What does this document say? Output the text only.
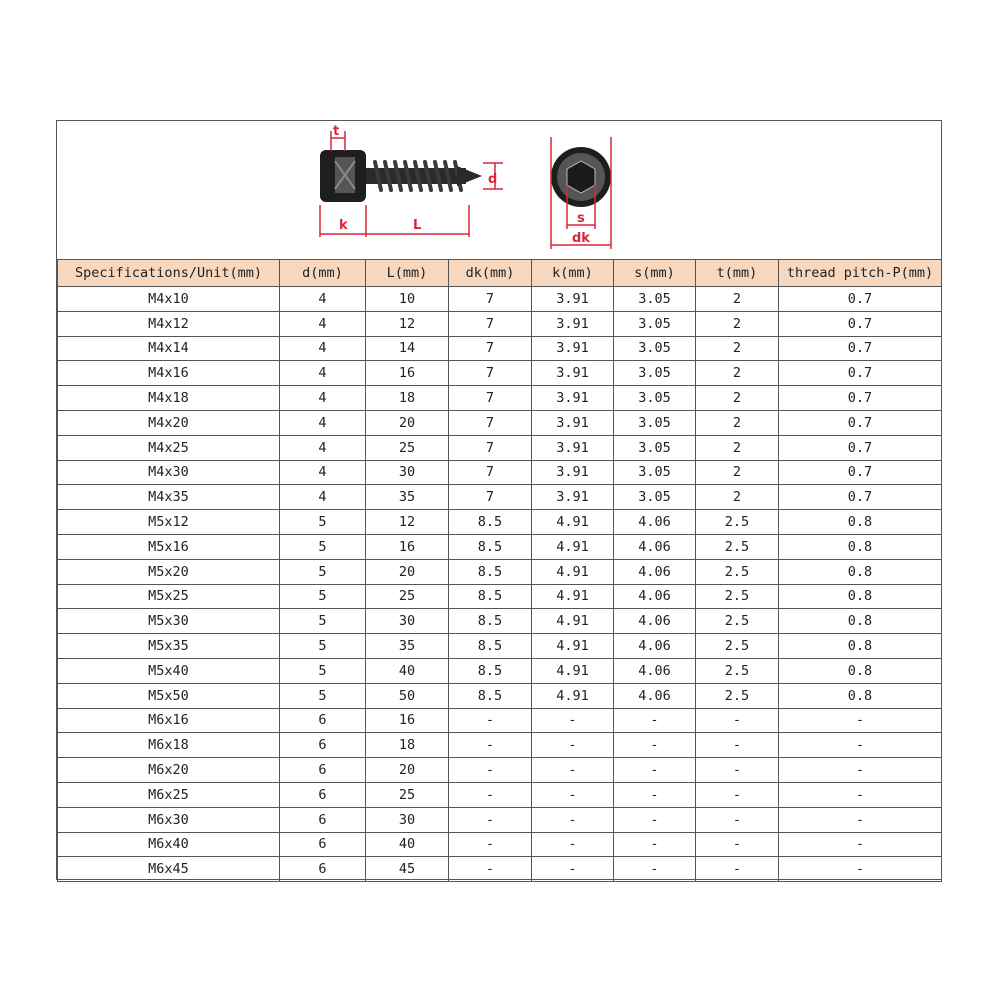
t
d
k	L	s
dk
Specifications/Unit(mm)	d(mm)	L(mm)	dk(mm)	k(mm)	s(mm)	t(mm)	thread pitch-P(mm)
M4x10	4	10	7	3.91	3.05	2	0.7
M4x12	4	12	7	3.91	3.05	2	0.7
M4x14	4	14	7	3.91	3.05	2	0.7
M4x16	4	16	7	3.91	3.05	2	0.7
M4x18	4	18	7	3.91	3.05	2	0.7
M4x20	4	20	7	3.91	3.05	2	0.7
M4x25	4	25	7	3.91	3.05	2	0.7
M4x30	4	30	7	3.91	3.05	2	0.7
M4x35	4	35	7	3.91	3.05	2	0.7
M5x12	5	12	8.5	4.91	4.06	2.5	0.8
M5x16	5	16	8.5	4.91	4.06	2.5	0.8
M5x20	5	20	8.5	4.91	4.06	2.5	0.8
M5x25	5	25	8.5	4.91	4.06	2.5	0.8
M5x30	5	30	8.5	4.91	4.06	2.5	0.8
M5x35	5	35	8.5	4.91	4.06	2.5	0.8
M5x40	5	40	8.5	4.91	4.06	2.5	0.8
M5x50	5	50	8.5	4.91	4.06	2.5	0.8
M6x16	6	16	-	-	-	-	-
M6x18	6	18	-	-	-	-	-
M6x20	6	20	-	-	-	-	-
M6x25	6	25	-	-	-	-	-
M6x30	6	30	-	-	-	-	-
M6x40	6	40	-	-	-	-	-
M6x45	6	45	-	-	-	-	-
